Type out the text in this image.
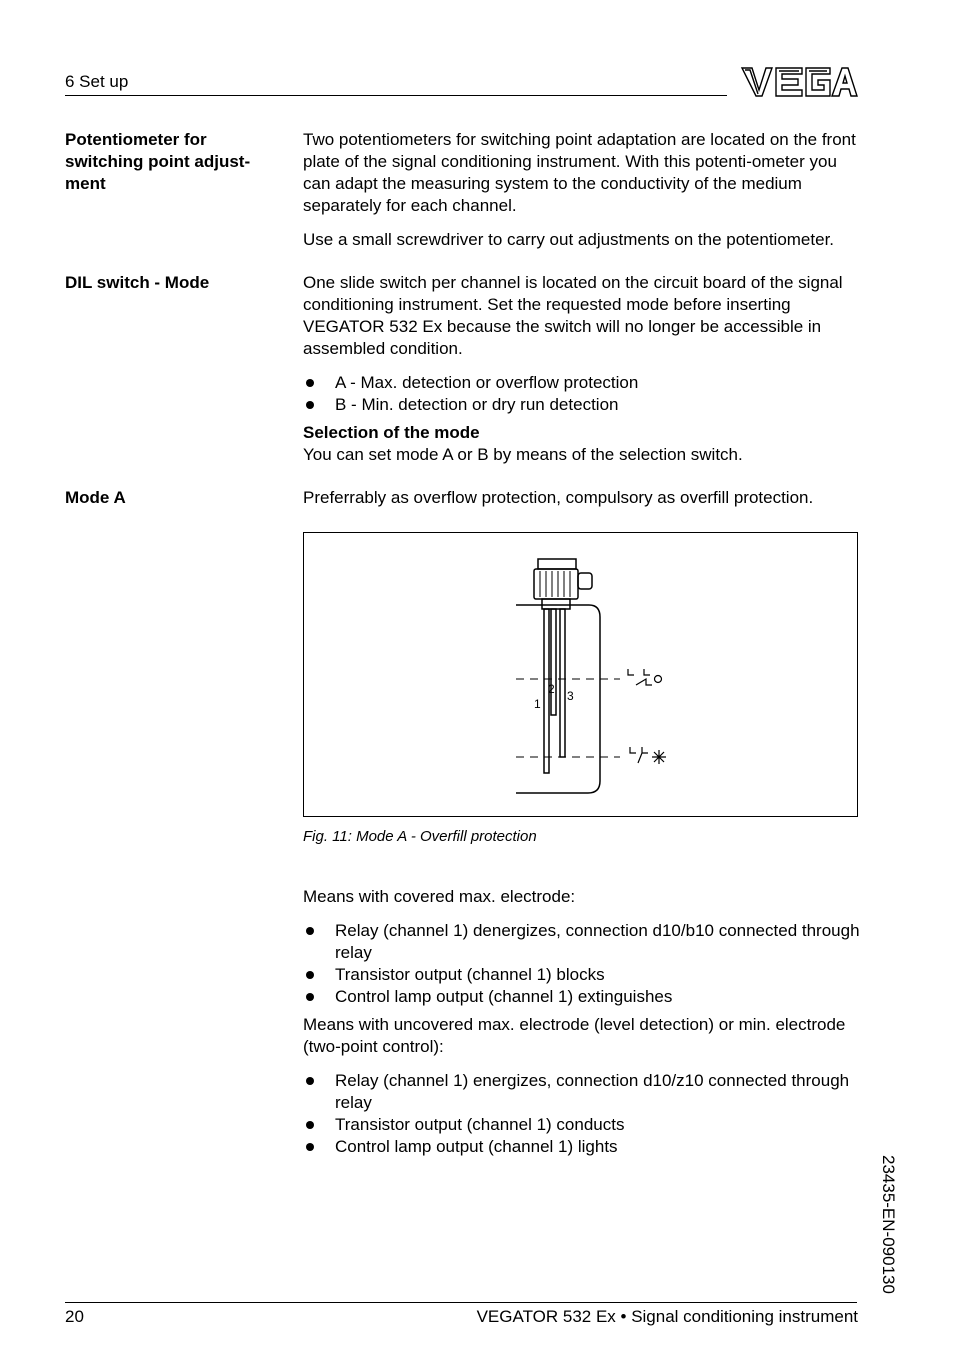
6 Set up
Potentiometer for switching point adjust-ment

Two potentiometers for switching point adaptation are located on the front plate of the signal conditioning instrument. With this potenti-ometer you can adapt the measuring system to the conductivity of the medium separately for each channel.

Use a small screwdriver to carry out adjustments on the potentiometer.

DIL switch - Mode	One slide switch per channel is located on the circuit board of the signal conditioning instrument. Set the requested mode before inserting VEGATOR 532 Ex because the switch will no longer be accessible in assembled condition.

A - Max. detection or overflow protection
B - Min. detection or dry run detection

Selection of the mode

You can set mode A or B by means of the selection switch.

Mode A	Preferrably as overflow protection, compulsory as overfill protection.
1
2 3
Fig. 11: Mode A - Overfill protection

Means with covered max. electrode:

Relay (channel 1) denergizes, connection d10/b10 connected through relay
Transistor output (channel 1) blocks
Control lamp output (channel 1) extinguishes

Means with uncovered max. electrode (level detection) or min. electrode (two-point control):

Relay (channel 1) energizes, connection d10/z10 connected through relay
Transistor output (channel 1) conducts
Control lamp output (channel 1) lights
23435-EN-090130
20	VEGATOR 532 Ex • Signal conditioning instrument
